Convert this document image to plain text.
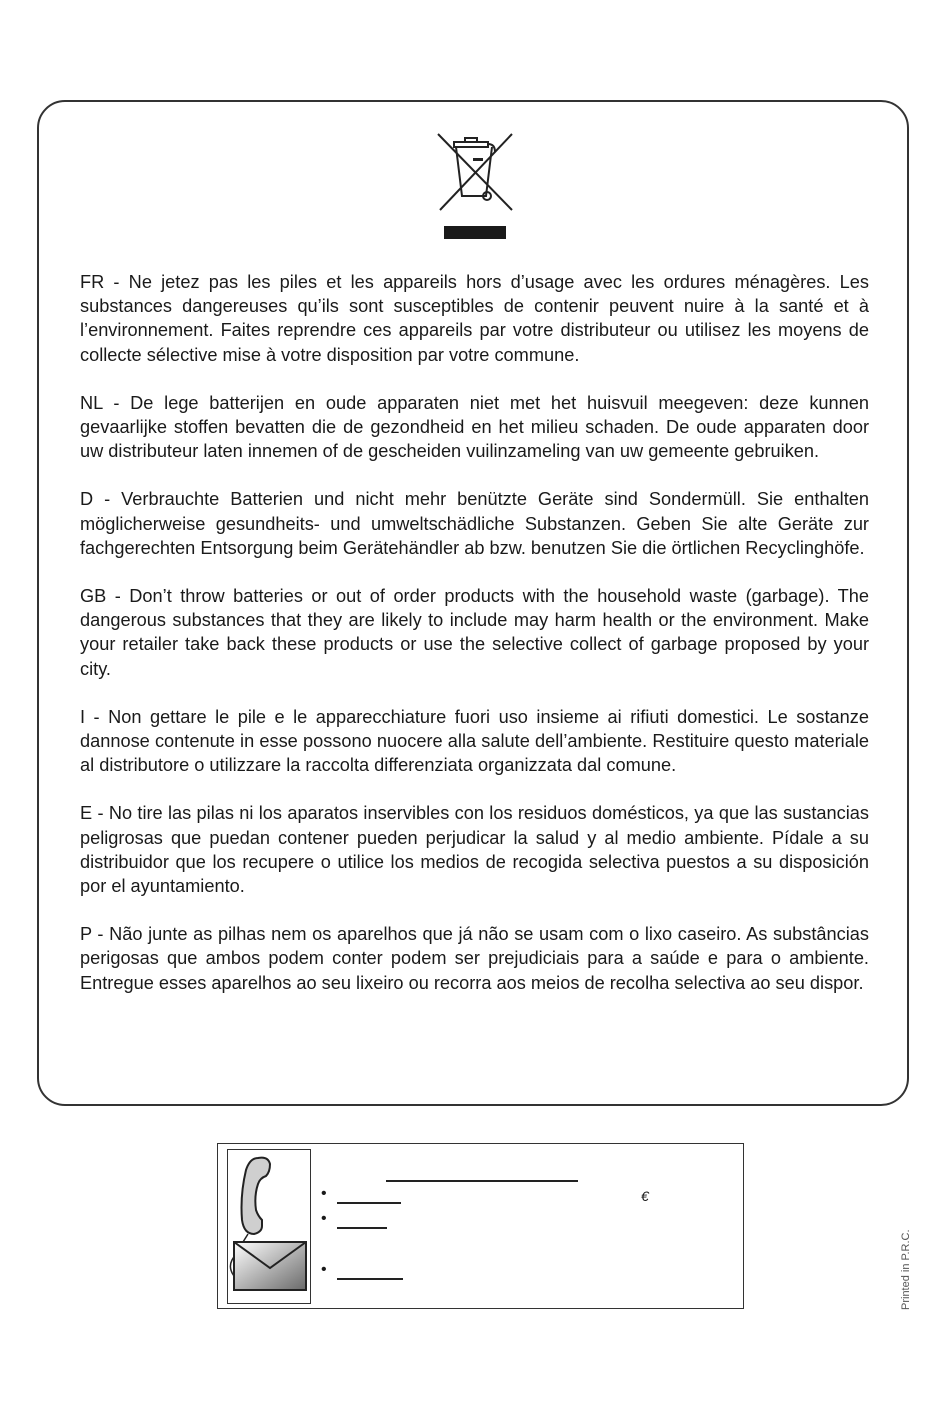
FR - Ne jetez pas les piles et les appareils hors d’usage avec les ordures ménagères. Les substances dangereuses qu’ils sont susceptibles de contenir peuvent nuire à la santé et à l’environnement. Faites reprendre ces appareils par votre distributeur ou utilisez les moyens de collecte sélective mise à votre disposition par votre commune.

NL - De lege batterijen en oude apparaten niet met het huisvuil meegeven: deze kunnen gevaarlijke stoffen bevatten die de gezondheid en het milieu schaden. De oude apparaten door uw distributeur laten innemen of de gescheiden vuilinzameling van uw gemeente gebruiken.

D - Verbrauchte Batterien und nicht mehr benützte Geräte sind Sondermüll. Sie enthalten möglicherweise gesundheits- und umweltschädliche Substanzen. Geben Sie alte Geräte zur fachgerechten Entsorgung beim Gerätehändler ab bzw. benutzen Sie die örtlichen Recyclinghöfe.

GB - Don’t throw batteries or out of order products with the household waste (garbage). The dangerous substances that they are likely to include may harm health or the environment. Make your retailer take back these products or use the selective collect of garbage proposed by your city.

I - Non gettare le pile e le apparecchiature fuori uso insieme ai rifiuti domestici. Le sostanze dannose contenute in esse possono nuocere alla salute dell’ambiente. Restituire questo materiale al distributore o utilizzare la raccolta differenziata organizzata dal comune.

E - No tire las pilas ni los aparatos inservibles con los residuos domésticos, ya que las sustancias peligrosas que puedan contener pueden perjudicar la salud y al medio ambiente. Pídale a su distribuidor que los recupere o utilice los medios de recogida selectiva puestos a su disposición por el ayuntamiento.

P - Não junte as pilhas nem os aparelhos que já não se usam com o lixo caseiro. As substâncias perigosas que ambos podem conter podem ser prejudiciais para a saúde e para o ambiente. Entregue esses aparelhos ao seu lixeiro ou recorra aos meios de recolha selectiva ao seu dispor.

•	€
•
•	Printed in P.R.C.
